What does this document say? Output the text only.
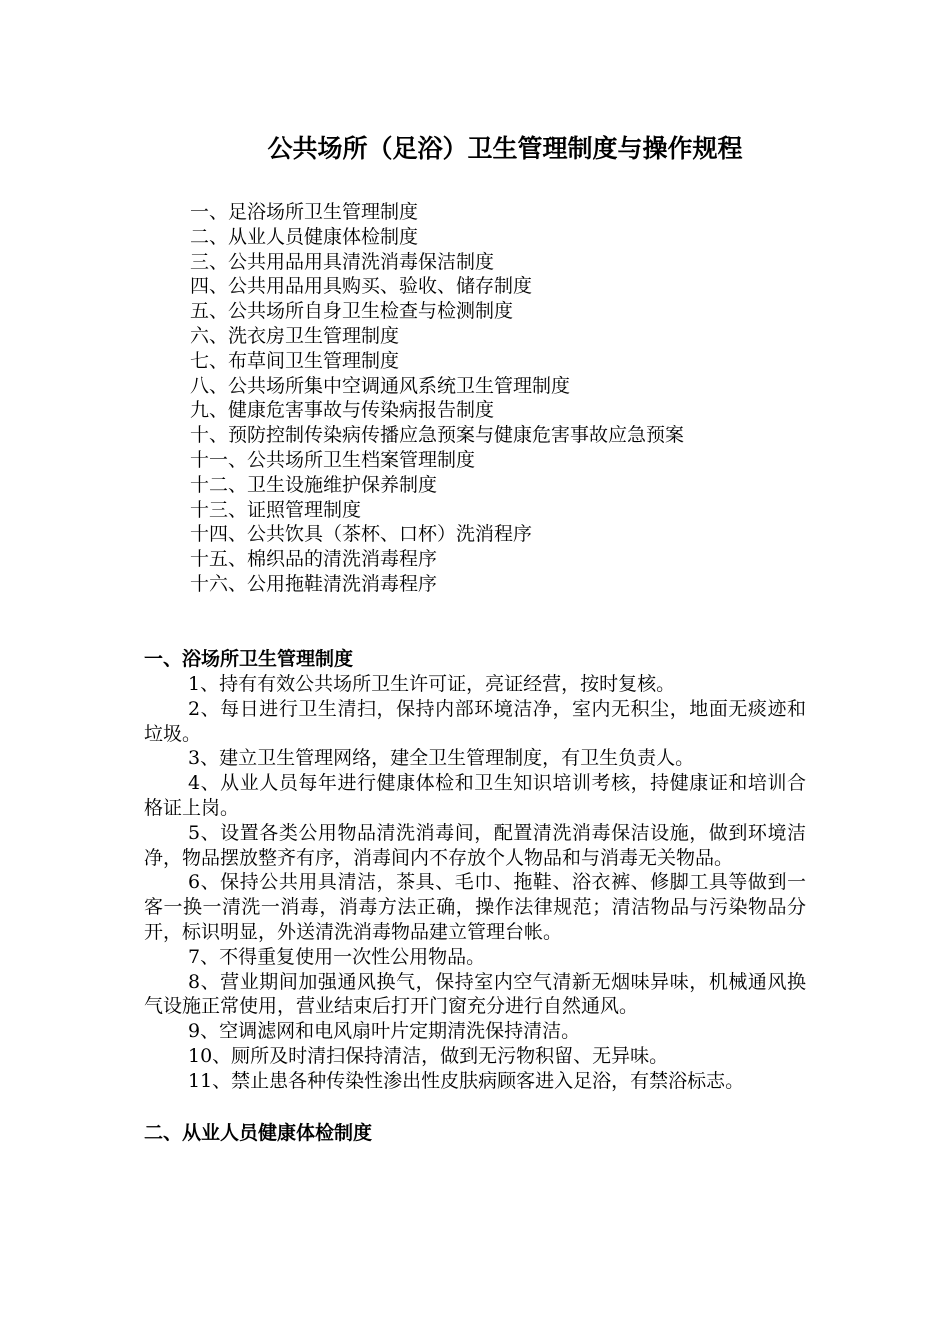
公共场所（足浴）卫生管理制度与操作规程
一、足浴场所卫生管理制度
二、从业人员健康体检制度
三、公共用品用具清洗消毒保洁制度
四、公共用品用具购买、验收、储存制度
五、公共场所自身卫生检查与检测制度
六、洗衣房卫生管理制度
七、布草间卫生管理制度
八、公共场所集中空调通风系统卫生管理制度
九、健康危害事故与传染病报告制度
十、预防控制传染病传播应急预案与健康危害事故应急预案
十一、公共场所卫生档案管理制度
十二、卫生设施维护保养制度
十三、证照管理制度
十四、公共饮具（茶杯、口杯）洗消程序
十五、棉织品的清洗消毒程序
十六、公用拖鞋清洗消毒程序
一、浴场所卫生管理制度

1、持有有效公共场所卫生许可证，亮证经营，按时复核。

2、每日进行卫生清扫，保持内部环境洁净，室内无积尘，地面无痰迹和垃圾。

3、建立卫生管理网络，建全卫生管理制度，有卫生负责人。

4、从业人员每年进行健康体检和卫生知识培训考核，持健康证和培训合格证上岗。

5、设置各类公用物品清洗消毒间，配置清洗消毒保洁设施，做到环境洁净，物品摆放整齐有序，消毒间内不存放个人物品和与消毒无关物品。

6、保持公共用具清洁，茶具、毛巾、拖鞋、浴衣裤、修脚工具等做到一客一换一清洗一消毒，消毒方法正确，操作法律规范；清洁物品与污染物品分开，标识明显，外送清洗消毒物品建立管理台帐。

7、不得重复使用一次性公用物品。

8、营业期间加强通风换气，保持室内空气清新无烟味异味，机械通风换气设施正常使用，营业结束后打开门窗充分进行自然通风。

9、空调滤网和电风扇叶片定期清洗保持清洁。

10、厕所及时清扫保持清洁，做到无污物积留、无异味。

11、禁止患各种传染性渗出性皮肤病顾客进入足浴，有禁浴标志。

二、从业人员健康体检制度
